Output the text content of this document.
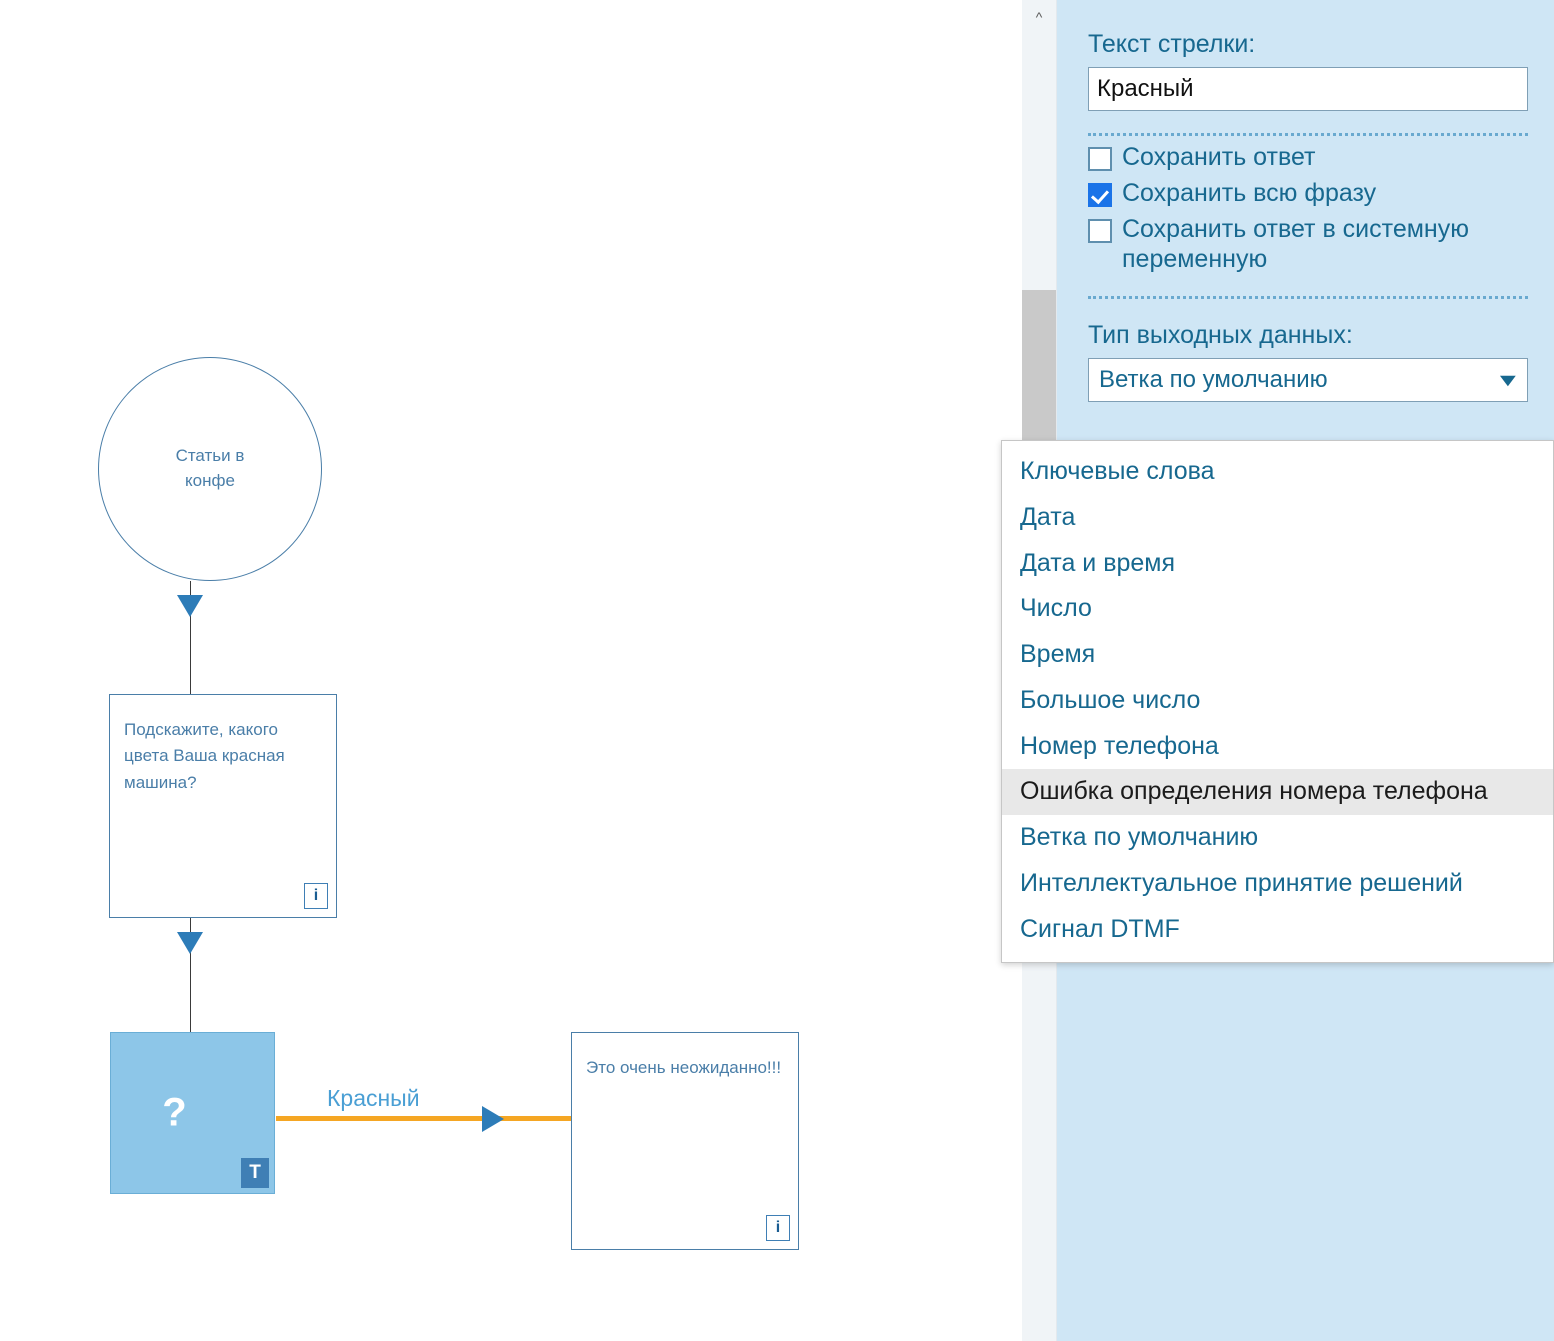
Статьи в
конфе
Подскажите, какого цвета Ваша красная машина?
i
?
T
Красный
Это очень неожиданно!!!
i
^
Текст стрелки:
Красный
Сохранить ответ
Сохранить всю фразу
Сохранить ответ в системную переменную
Тип выходных данных:
Ветка по умолчанию	▼
Ключевые слова
Дата
Дата и время
Число
Время
Большое число
Номер телефона
Ошибка определения номера телефона
Ветка по умолчанию
Интеллектуальное принятие решений
Сигнал DTMF
